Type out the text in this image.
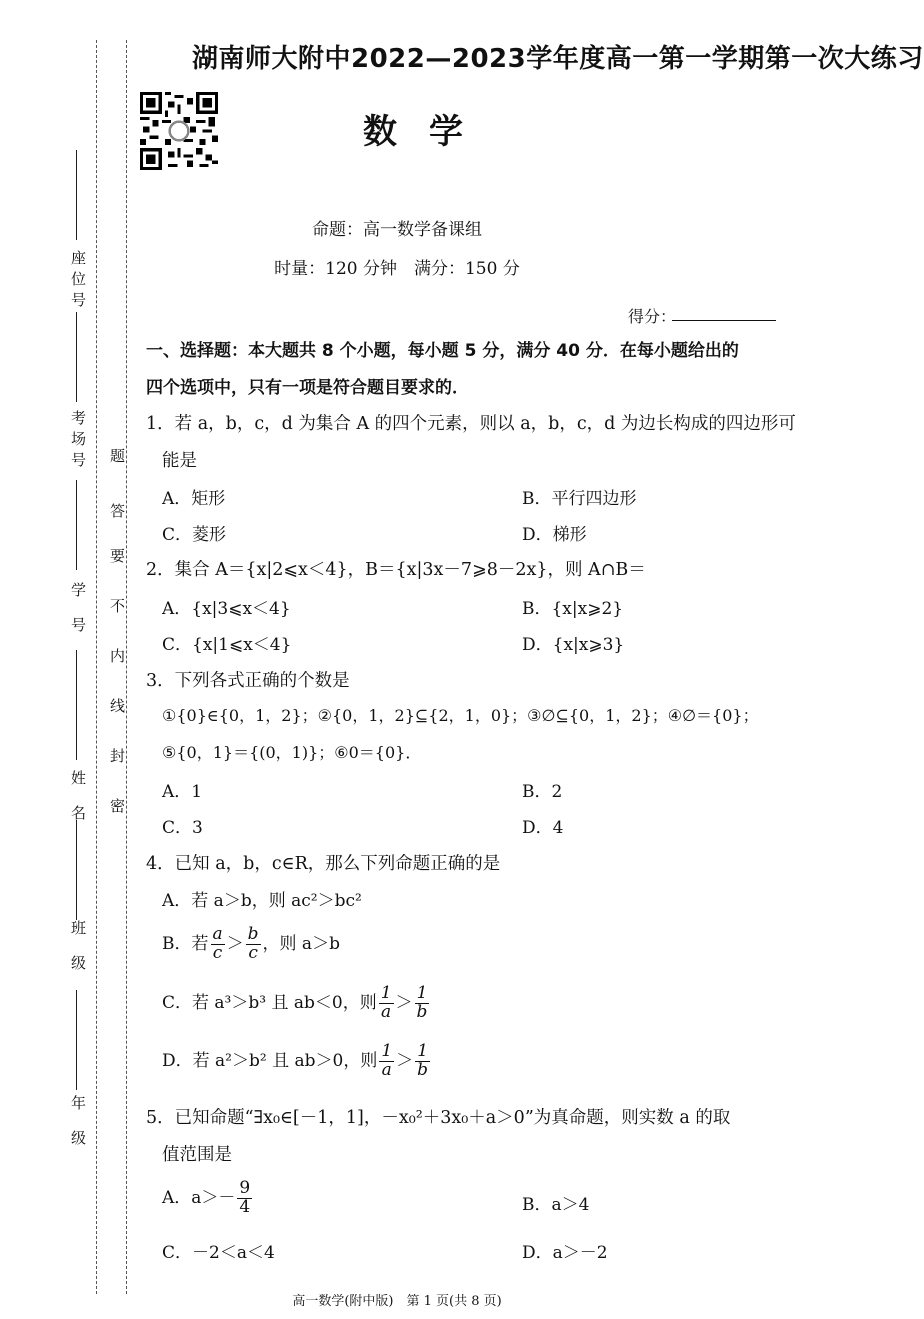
座位号
考场号
学号
姓名
班级
年级
题
答
要
不
内
线
封
密
湖南师大附中2022—2023学年度高一第一学期第一次大练习
数学
命题：高一数学备课组
时量：120 分钟　满分：150 分
得分：
一、选择题：本大题共 8 个小题，每小题 5 分，满分 40 分．在每小题给出的
四个选项中，只有一项是符合题目要求的．
1．若 a，b，c，d 为集合 A 的四个元素，则以 a，b，c，d 为边长构成的四边形可
能是
A．矩形	B．平行四边形
C．菱形	D．梯形
2．集合 A＝{x|2⩽x＜4}，B＝{x|3x－7⩾8－2x}，则 A∩B＝
A．{x|3⩽x＜4}	B．{x|x⩾2}
C．{x|1⩽x＜4}	D．{x|x⩾3}
3．下列各式正确的个数是
①{0}∈{0，1，2}；②{0，1，2}⊆{2，1，0}；③∅⊆{0，1，2}；④∅＝{0}；
⑤{0，1}＝{(0，1)}；⑥0＝{0}．
A．1	B．2
C．3	D．4
4．已知 a，b，c∈R，那么下列命题正确的是
A．若 a＞b，则 ac²＞bc²
B．若 $\frac{a}{c} > \frac{b}{c}$ ，则 a＞b
C．若 a³＞b³ 且 ab＜0，则 $\frac{1}{a} > \frac{1}{b}$
D．若 a²＞b² 且 ab＞0，则 $\frac{1}{a} > \frac{1}{b}$
5．已知命题“∃x₀∈[－1，1]，－x₀²＋3x₀＋a＞0”为真命题，则实数 a 的取
值范围是
A．$a>- \frac{9}{4}$	B．a＞4
C．－2＜a＜4	D．a＞－2
高一数学(附中版)　第 1 页(共 8 页)
